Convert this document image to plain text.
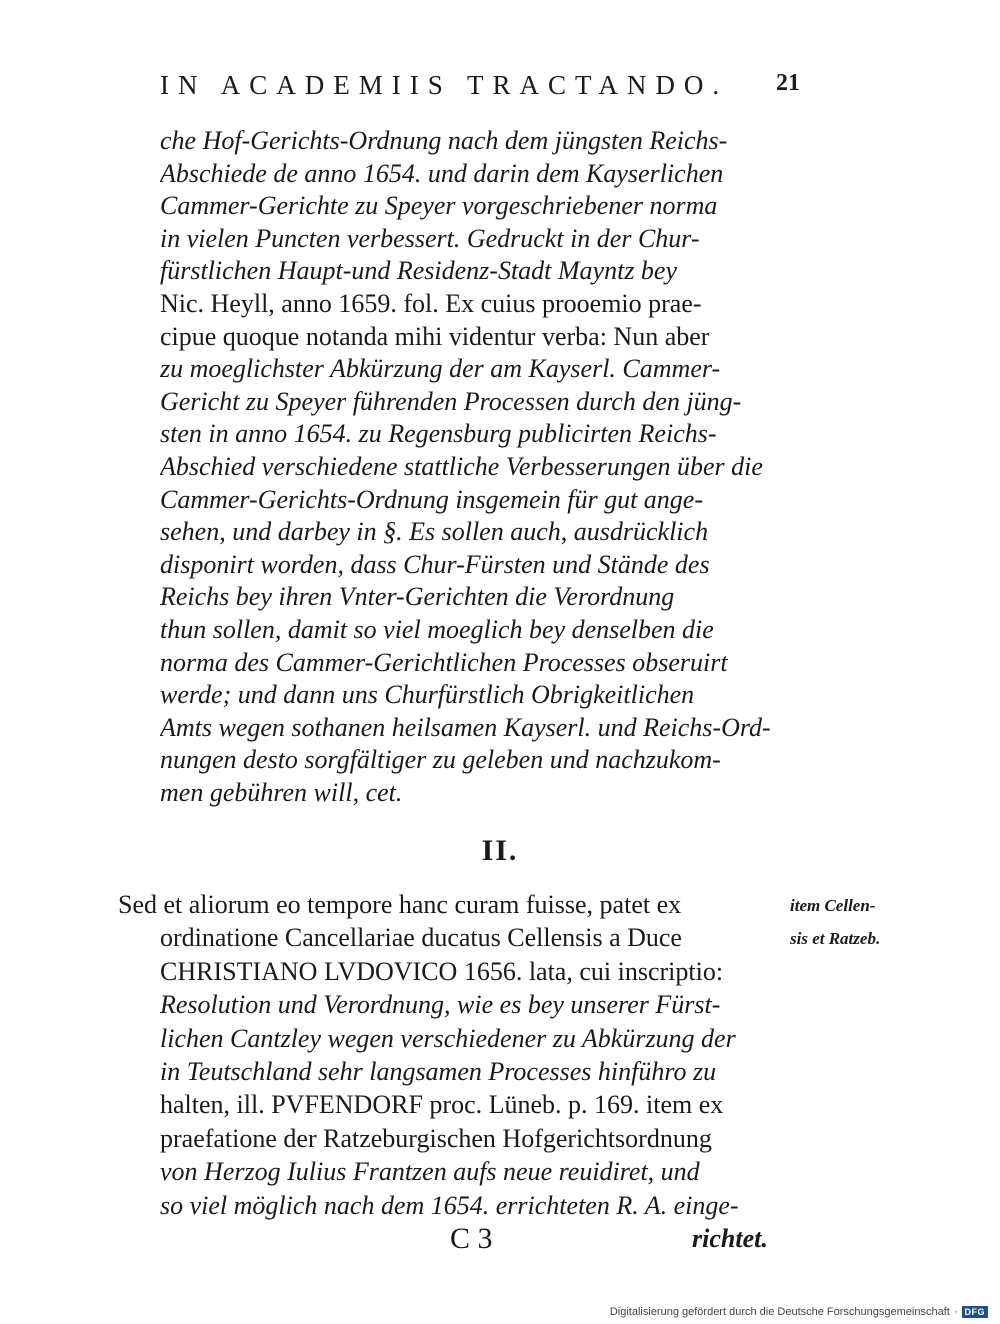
IN ACADEMIIS TRACTANDO. 21
che Hof-Gerichts-Ordnung nach dem jüngsten Reichs-
Abschiede de anno 1654. und darin dem Kayserlichen
Cammer-Gerichte zu Speyer vorgeschriebener norma
in vielen Puncten verbessert. Gedruckt in der Chur-
fürstlichen Haupt-und Residenz-Stadt Mayntz bey
Nic. Heyll, anno 1659. fol. Ex cuius prooemio prae-
cipue quoque notanda mihi videntur verba: Nun aber
zu moeglichster Abkürzung der am Kayserl. Cammer-
Gericht zu Speyer führenden Processen durch den jüng-
sten in anno 1654. zu Regensburg publicirten Reichs-
Abschied verschiedene stattliche Verbesserungen über die
Cammer-Gerichts-Ordnung insgemein für gut ange-
sehen, und darbey in §. Es sollen auch, ausdrücklich
disponirt worden, dass Chur-Fürsten und Stände des
Reichs bey ihren Vnter-Gerichten die Verordnung
thun sollen, damit so viel moeglich bey denselben die
norma des Cammer-Gerichtlichen Processes obseruirt
werde; und dann uns Churfürstlich Obrigkeitlichen
Amts wegen sothanen heilsamen Kayserl. und Reichs-Ord-
nungen desto sorgfältiger zu geleben und nachzukom-
men gebühren will, cet.
II.
Sed et aliorum eo tempore hanc curam fuisse, patet ex
ordinatione Cancellariae ducatus Cellensis a Duce
CHRISTIANO LVDOVICO 1656. lata, cui inscriptio:
Resolution und Verordnung, wie es bey unserer Fürst-
lichen Cantzley wegen verschiedener zu Abkürzung der
in Teutschland sehr langsamen Processes hinführo zu
halten, ill. PVFENDORF proc. Lüneb. p. 169. item ex
praefatione der Ratzeburgischen Hofgerichtsordnung
von Herzog Iulius Frantzen aufs neue reuidiret, und
so viel möglich nach dem 1654. errichteten R. A. einge-
item Cellen-
sis et Ratzeb.
C 3	richtet.
Digitalisierung gefördert durch die Deutsche Forschungsgemeinschaft · DFG
